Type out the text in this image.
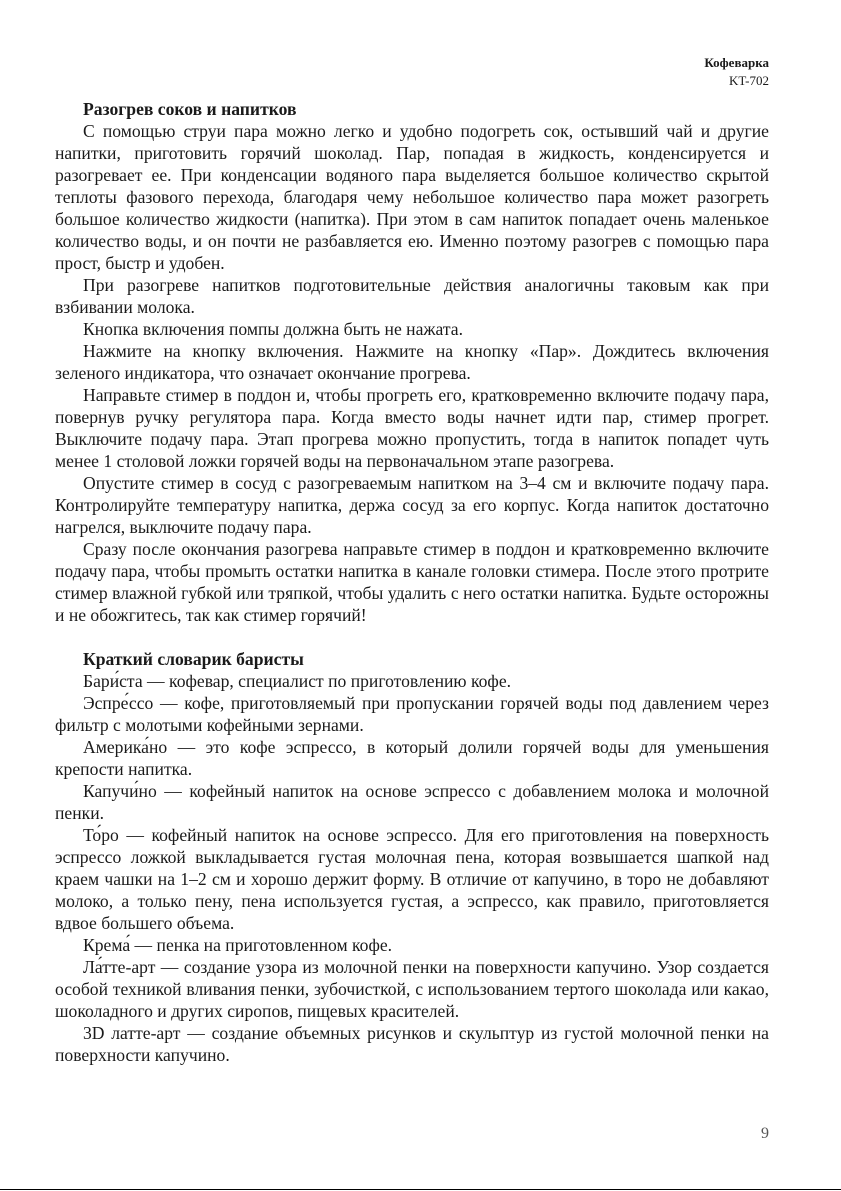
Кофеварка
KT-702
Разогрев соков и напитков

С помощью струи пара можно легко и удобно подогреть сок, остывший чай и другие напитки, приготовить горячий шоколад. Пар, попадая в жидкость, конденсируется и разогревает ее. При конденсации водяного пара выделяется большое количество скрытой теплоты фазового перехода, благодаря чему небольшое количество пара может разогреть большое количество жидкости (напитка). При этом в сам напиток попадает очень маленькое количество воды, и он почти не разбавляется ею. Именно поэтому разогрев с помощью пара прост, быстр и удобен.

При разогреве напитков подготовительные действия аналогичны таковым как при взбивании молока.

Кнопка включения помпы должна быть не нажата.

Нажмите на кнопку включения. Нажмите на кнопку «Пар». Дождитесь включения зеленого индикатора, что означает окончание прогрева.

Направьте стимер в поддон и, чтобы прогреть его, кратковременно включите подачу пара, повернув ручку регулятора пара. Когда вместо воды начнет идти пар, стимер прогрет. Выключите подачу пара. Этап прогрева можно пропустить, тогда в напиток попадет чуть менее 1 столовой ложки горячей воды на первоначальном этапе разогрева.

Опустите стимер в сосуд с разогреваемым напитком на 3–4 см и включите подачу пара. Контролируйте температуру напитка, держа сосуд за его корпус. Когда напиток достаточно нагрелся, выключите подачу пара.

Сразу после окончания разогрева направьте стимер в поддон и кратковременно включите подачу пара, чтобы промыть остатки напитка в канале головки стимера. После этого протрите стимер влажной губкой или тряпкой, чтобы удалить с него остатки напитка. Будьте осторожны и не обожгитесь, так как стимер горячий!

Краткий словарик баристы

Бари́ста — кофевар, специалист по приготовлению кофе.

Эспре́ссо — кофе, приготовляемый при пропускании горячей воды под давлением через фильтр с молотыми кофейными зернами.

Америка́но — это кофе эспрессо, в который долили горячей воды для уменьшения крепости напитка.

Капучи́но — кофейный напиток на основе эспрессо с добавлением молока и молочной пенки.

То́ро — кофейный напиток на основе эспрессо. Для его приготовления на поверхность эспрессо ложкой выкладывается густая молочная пена, которая возвышается шапкой над краем чашки на 1–2 см и хорошо держит форму. В отличие от капучино, в торо не добавляют молоко, а только пену, пена используется густая, а эспрессо, как правило, приготовляется вдвое большего объема.

Крема́ — пенка на приготовленном кофе.

Ла́тте-арт — создание узора из молочной пенки на поверхности капучино. Узор создается особой техникой вливания пенки, зубочисткой, с использованием тертого шоколада или какао, шоколадного и других сиропов, пищевых красителей.

3D латте-арт — создание объемных рисунков и скульптур из густой молочной пенки на поверхности капучино.

9
